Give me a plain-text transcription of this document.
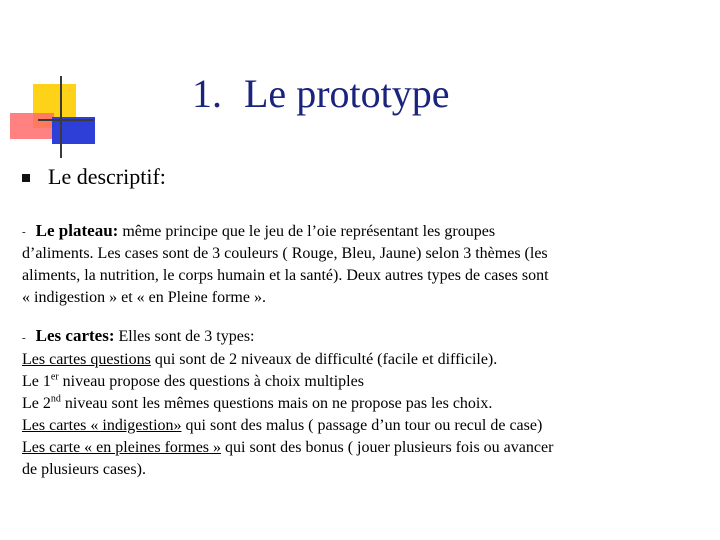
1. Le prototype
Le descriptif:
- Le plateau: même principe que le jeu de l’oie représentant les groupes
d’aliments. Les cases sont de 3 couleurs ( Rouge, Bleu, Jaune) selon 3 thèmes (les
aliments, la nutrition, le corps humain et la santé). Deux autres types de cases sont
« indigestion » et « en Pleine forme ».
- Les cartes: Elles sont de 3 types:
Les cartes questions qui sont de 2 niveaux de difficulté (facile et difficile).
Le 1er niveau propose des questions à choix multiples
Le 2nd niveau sont les mêmes questions mais on ne propose pas les choix.
Les cartes « indigestion» qui sont des malus ( passage d’un tour ou recul de case)
Les carte « en pleines formes » qui sont des bonus ( jouer plusieurs fois ou avancer
de plusieurs cases).
